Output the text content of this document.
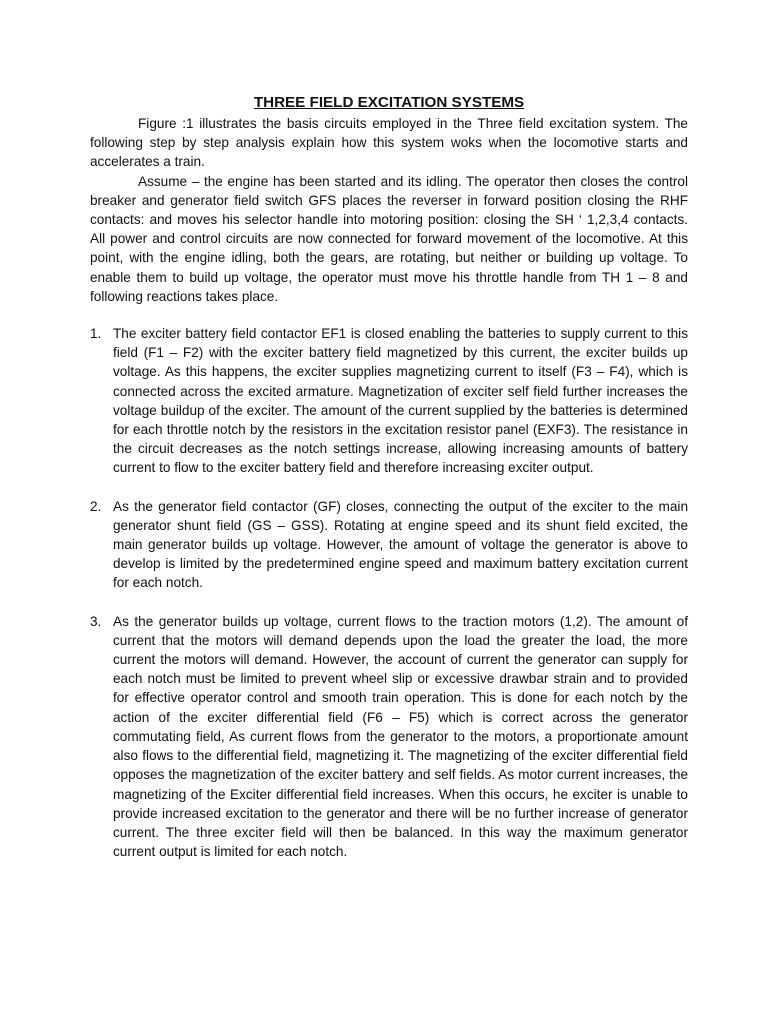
THREE FIELD EXCITATION SYSTEMS

Figure :1 illustrates the basis circuits employed in the Three field excitation system. The following step by step analysis explain how this system woks when the locomotive starts and accelerates a train.

Assume – the engine has been started and its idling. The operator then closes the control breaker and generator field switch GFS places the reverser in forward position closing the RHF contacts: and moves his selector handle into motoring position: closing the SH ‘ 1,2,3,4 contacts. All power and control circuits are now connected for forward movement of the locomotive. At this point, with the engine idling, both the gears, are rotating, but neither or building up voltage. To enable them to build up voltage, the operator must move his throttle handle from TH 1 – 8 and following reactions takes place.

1. The exciter battery field contactor EF1 is closed enabling the batteries to supply current to this field (F1 – F2) with the exciter battery field magnetized by this current, the exciter builds up voltage. As this happens, the exciter supplies magnetizing current to itself (F3 – F4), which is connected across the excited armature. Magnetization of exciter self field further increases the voltage buildup of the exciter. The amount of the current supplied by the batteries is determined for each throttle notch by the resistors in the excitation resistor panel (EXF3). The resistance in the circuit decreases as the notch settings increase, allowing increasing amounts of battery current to flow to the exciter battery field and therefore increasing exciter output.
2. As the generator field contactor (GF) closes, connecting the output of the exciter to the main generator shunt field (GS – GSS). Rotating at engine speed and its shunt field excited, the main generator builds up voltage. However, the amount of voltage the generator is above to develop is limited by the predetermined engine speed and maximum battery excitation current for each notch.
3. As the generator builds up voltage, current flows to the traction motors (1,2). The amount of current that the motors will demand depends upon the load the greater the load, the more current the motors will demand. However, the account of current the generator can supply for each notch must be limited to prevent wheel slip or excessive drawbar strain and to provided for effective operator control and smooth train operation. This is done for each notch by the action of the exciter differential field (F6 – F5) which is correct across the generator commutating field, As current flows from the generator to the motors, a proportionate amount also flows to the differential field, magnetizing it. The magnetizing of the exciter differential field opposes the magnetization of the exciter battery and self fields. As motor current increases, the magnetizing of the Exciter differential field increases. When this occurs, he exciter is unable to provide increased excitation to the generator and there will be no further increase of generator current. The three exciter field will then be balanced. In this way the maximum generator current output is limited for each notch.
